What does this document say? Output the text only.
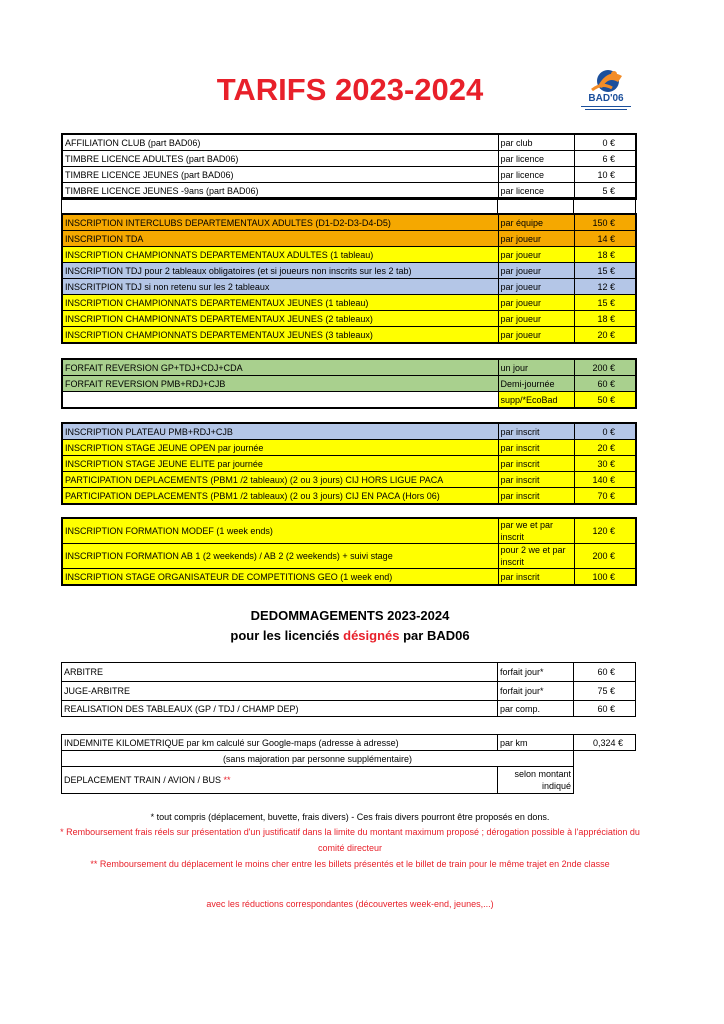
TARIFS 2023-2024	BAD'06
AFFILIATION CLUB (part BAD06)	par club	0 €
TIMBRE LICENCE ADULTES (part BAD06)	par licence	6 €
TIMBRE LICENCE JEUNES (part BAD06)	par licence	10 €
TIMBRE LICENCE JEUNES -9ans (part BAD06)	par licence	5 €

INSCRIPTION INTERCLUBS DEPARTEMENTAUX ADULTES (D1-D2-D3-D4-D5)	par équipe	150 €
INSCRIPTION TDA	par joueur	14 €
INSCRIPTION CHAMPIONNATS DEPARTEMENTAUX ADULTES (1 tableau)	par joueur	18 €
INSCRIPTION TDJ pour 2 tableaux obligatoires (et si joueurs non inscrits sur les 2 tab)	par joueur	15 €
INSCRITPION TDJ si non retenu sur les 2 tableaux	par joueur	12 €
INSCRIPTION CHAMPIONNATS DEPARTEMENTAUX JEUNES (1 tableau)	par joueur	15 €
INSCRIPTION CHAMPIONNATS DEPARTEMENTAUX JEUNES (2 tableaux)	par joueur	18 €
INSCRIPTION CHAMPIONNATS DEPARTEMENTAUX JEUNES (3 tableaux)	par joueur	20 €
FORFAIT REVERSION GP+TDJ+CDJ+CDA	un jour	200 €
FORFAIT REVERSION PMB+RDJ+CJB	Demi-journée	60 €
	supp/*EcoBad	50 €
INSCRIPTION PLATEAU PMB+RDJ+CJB	par inscrit	0 €
INSCRIPTION STAGE JEUNE OPEN par journée	par inscrit	20 €
INSCRIPTION STAGE JEUNE ELITE par journée	par inscrit	30 €
PARTICIPATION DEPLACEMENTS (PBM1 /2 tableaux) (2 ou 3 jours) CIJ HORS LIGUE PACA	par inscrit	140 €
PARTICIPATION DEPLACEMENTS (PBM1 /2 tableaux) (2 ou 3 jours) CIJ EN PACA (Hors 06)	par inscrit	70 €
INSCRIPTION FORMATION MODEF (1 week ends)	par we et par inscrit	120 €
INSCRIPTION FORMATION AB 1 (2 weekends) / AB 2 (2 weekends) + suivi stage	pour 2 we et par inscrit	200 €
INSCRIPTION STAGE ORGANISATEUR DE COMPETITIONS GEO (1 week end)	par inscrit	100 €
DEDOMMAGEMENTS 2023-2024
pour les licenciés désignés par BAD06
ARBITRE	forfait jour*	60 €
JUGE-ARBITRE	forfait jour*	75 €
REALISATION DES TABLEAUX (GP / TDJ / CHAMP DEP)	par comp.	60 €
INDEMNITE KILOMETRIQUE par km calculé sur Google-maps (adresse à adresse)	par km	0,324 €
(sans majoration par personne supplémentaire)		
DEPLACEMENT TRAIN / AVION / BUS **	selon montant indiqué	
* tout compris (déplacement, buvette, frais divers) - Ces frais divers pourront être proposés en dons.
* Remboursement frais réels sur présentation d'un justificatif dans la limite du montant maximum proposé ; dérogation possible à l'appréciation du comité directeur
** Remboursement du déplacement le moins cher entre les billets présentés et le billet de train pour le même trajet en 2nde classe
avec les réductions correspondantes (découvertes week-end, jeunes,...)
